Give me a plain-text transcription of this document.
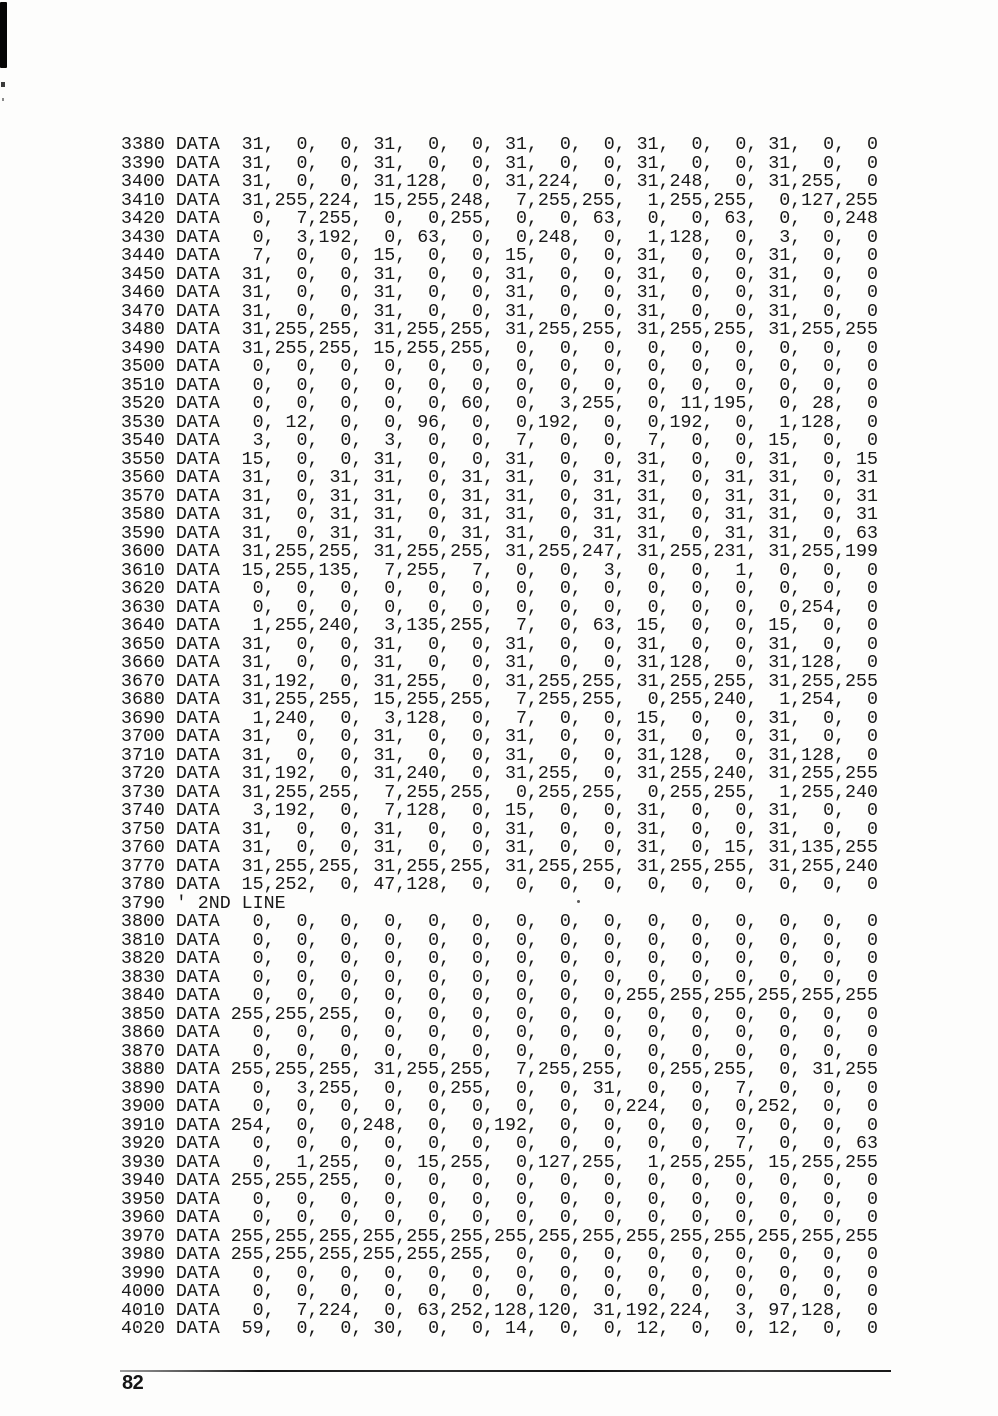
3380 DATA  31,  0,  0, 31,  0,  0, 31,  0,  0, 31,  0,  0, 31,  0,  0
3390 DATA  31,  0,  0, 31,  0,  0, 31,  0,  0, 31,  0,  0, 31,  0,  0
3400 DATA  31,  0,  0, 31,128,  0, 31,224,  0, 31,248,  0, 31,255,  0
3410 DATA  31,255,224, 15,255,248,  7,255,255,  1,255,255,  0,127,255
3420 DATA   0,  7,255,  0,  0,255,  0,  0, 63,  0,  0, 63,  0,  0,248
3430 DATA   0,  3,192,  0, 63,  0,  0,248,  0,  1,128,  0,  3,  0,  0
3440 DATA   7,  0,  0, 15,  0,  0, 15,  0,  0, 31,  0,  0, 31,  0,  0
3450 DATA  31,  0,  0, 31,  0,  0, 31,  0,  0, 31,  0,  0, 31,  0,  0
3460 DATA  31,  0,  0, 31,  0,  0, 31,  0,  0, 31,  0,  0, 31,  0,  0
3470 DATA  31,  0,  0, 31,  0,  0, 31,  0,  0, 31,  0,  0, 31,  0,  0
3480 DATA  31,255,255, 31,255,255, 31,255,255, 31,255,255, 31,255,255
3490 DATA  31,255,255, 15,255,255,  0,  0,  0,  0,  0,  0,  0,  0,  0
3500 DATA   0,  0,  0,  0,  0,  0,  0,  0,  0,  0,  0,  0,  0,  0,  0
3510 DATA   0,  0,  0,  0,  0,  0,  0,  0,  0,  0,  0,  0,  0,  0,  0
3520 DATA   0,  0,  0,  0,  0, 60,  0,  3,255,  0, 11,195,  0, 28,  0
3530 DATA   0, 12,  0,  0, 96,  0,  0,192,  0,  0,192,  0,  1,128,  0
3540 DATA   3,  0,  0,  3,  0,  0,  7,  0,  0,  7,  0,  0, 15,  0,  0
3550 DATA  15,  0,  0, 31,  0,  0, 31,  0,  0, 31,  0,  0, 31,  0, 15
3560 DATA  31,  0, 31, 31,  0, 31, 31,  0, 31, 31,  0, 31, 31,  0, 31
3570 DATA  31,  0, 31, 31,  0, 31, 31,  0, 31, 31,  0, 31, 31,  0, 31
3580 DATA  31,  0, 31, 31,  0, 31, 31,  0, 31, 31,  0, 31, 31,  0, 31
3590 DATA  31,  0, 31, 31,  0, 31, 31,  0, 31, 31,  0, 31, 31,  0, 63
3600 DATA  31,255,255, 31,255,255, 31,255,247, 31,255,231, 31,255,199
3610 DATA  15,255,135,  7,255,  7,  0,  0,  3,  0,  0,  1,  0,  0,  0
3620 DATA   0,  0,  0,  0,  0,  0,  0,  0,  0,  0,  0,  0,  0,  0,  0
3630 DATA   0,  0,  0,  0,  0,  0,  0,  0,  0,  0,  0,  0,  0,254,  0
3640 DATA   1,255,240,  3,135,255,  7,  0, 63, 15,  0,  0, 15,  0,  0
3650 DATA  31,  0,  0, 31,  0,  0, 31,  0,  0, 31,  0,  0, 31,  0,  0
3660 DATA  31,  0,  0, 31,  0,  0, 31,  0,  0, 31,128,  0, 31,128,  0
3670 DATA  31,192,  0, 31,255,  0, 31,255,255, 31,255,255, 31,255,255
3680 DATA  31,255,255, 15,255,255,  7,255,255,  0,255,240,  1,254,  0
3690 DATA   1,240,  0,  3,128,  0,  7,  0,  0, 15,  0,  0, 31,  0,  0
3700 DATA  31,  0,  0, 31,  0,  0, 31,  0,  0, 31,  0,  0, 31,  0,  0
3710 DATA  31,  0,  0, 31,  0,  0, 31,  0,  0, 31,128,  0, 31,128,  0
3720 DATA  31,192,  0, 31,240,  0, 31,255,  0, 31,255,240, 31,255,255
3730 DATA  31,255,255,  7,255,255,  0,255,255,  0,255,255,  1,255,240
3740 DATA   3,192,  0,  7,128,  0, 15,  0,  0, 31,  0,  0, 31,  0,  0
3750 DATA  31,  0,  0, 31,  0,  0, 31,  0,  0, 31,  0,  0, 31,  0,  0
3760 DATA  31,  0,  0, 31,  0,  0, 31,  0,  0, 31,  0, 15, 31,135,255
3770 DATA  31,255,255, 31,255,255, 31,255,255, 31,255,255, 31,255,240
3780 DATA  15,252,  0, 47,128,  0,  0,  0,  0,  0,  0,  0,  0,  0,  0
3790 ' 2ND LINE
3800 DATA   0,  0,  0,  0,  0,  0,  0,  0,  0,  0,  0,  0,  0,  0,  0
3810 DATA   0,  0,  0,  0,  0,  0,  0,  0,  0,  0,  0,  0,  0,  0,  0
3820 DATA   0,  0,  0,  0,  0,  0,  0,  0,  0,  0,  0,  0,  0,  0,  0
3830 DATA   0,  0,  0,  0,  0,  0,  0,  0,  0,  0,  0,  0,  0,  0,  0
3840 DATA   0,  0,  0,  0,  0,  0,  0,  0,  0,255,255,255,255,255,255
3850 DATA 255,255,255,  0,  0,  0,  0,  0,  0,  0,  0,  0,  0,  0,  0
3860 DATA   0,  0,  0,  0,  0,  0,  0,  0,  0,  0,  0,  0,  0,  0,  0
3870 DATA   0,  0,  0,  0,  0,  0,  0,  0,  0,  0,  0,  0,  0,  0,  0
3880 DATA 255,255,255, 31,255,255,  7,255,255,  0,255,255,  0, 31,255
3890 DATA   0,  3,255,  0,  0,255,  0,  0, 31,  0,  0,  7,  0,  0,  0
3900 DATA   0,  0,  0,  0,  0,  0,  0,  0,  0,224,  0,  0,252,  0,  0
3910 DATA 254,  0,  0,248,  0,  0,192,  0,  0,  0,  0,  0,  0,  0,  0
3920 DATA   0,  0,  0,  0,  0,  0,  0,  0,  0,  0,  0,  7,  0,  0, 63
3930 DATA   0,  1,255,  0, 15,255,  0,127,255,  1,255,255, 15,255,255
3940 DATA 255,255,255,  0,  0,  0,  0,  0,  0,  0,  0,  0,  0,  0,  0
3950 DATA   0,  0,  0,  0,  0,  0,  0,  0,  0,  0,  0,  0,  0,  0,  0
3960 DATA   0,  0,  0,  0,  0,  0,  0,  0,  0,  0,  0,  0,  0,  0,  0
3970 DATA 255,255,255,255,255,255,255,255,255,255,255,255,255,255,255
3980 DATA 255,255,255,255,255,255,  0,  0,  0,  0,  0,  0,  0,  0,  0
3990 DATA   0,  0,  0,  0,  0,  0,  0,  0,  0,  0,  0,  0,  0,  0,  0
4000 DATA   0,  0,  0,  0,  0,  0,  0,  0,  0,  0,  0,  0,  0,  0,  0
4010 DATA   0,  7,224,  0, 63,252,128,120, 31,192,224,  3, 97,128,  0
4020 DATA  59,  0,  0, 30,  0,  0, 14,  0,  0, 12,  0,  0, 12,  0,  0
82
